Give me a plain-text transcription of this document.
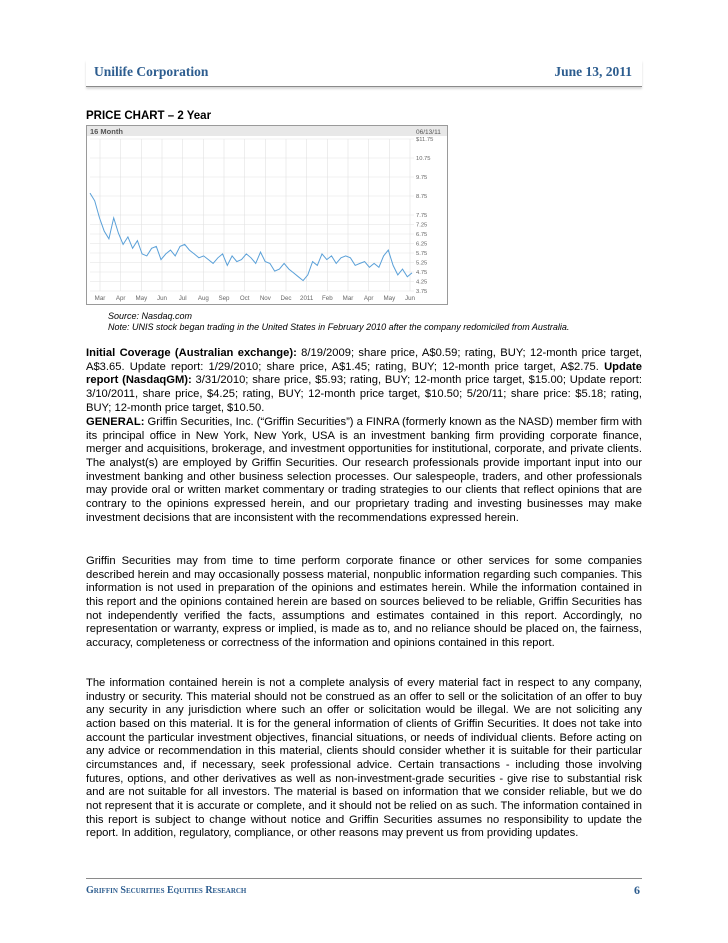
Unilife Corporation	June 13, 2011
PRICE CHART – 2 Year
16 Month	06/13/11
$11.75
10.75
9.75
8.75
7.75
7.25
6.75
6.25
5.75
5.25
4.75
4.25
3.75
Mar Apr May Jun Jul Aug Sep Oct Nov Dec 2011 Feb Mar Apr May Jun
Source: Nasdaq.com
Note: UNIS stock began trading in the United States in February 2010 after the company redomiciled from Australia.

Initial Coverage (Australian exchange): 8/19/2009; share price, A$0.59; rating, BUY; 12-month price target, A$3.65. Update report: 1/29/2010; share price, A$1.45; rating, BUY; 12-month price target, A$2.75. Update report (NasdaqGM): 3/31/2010; share price, $5.93; rating, BUY; 12-month price target, $15.00; Update report: 3/10/2011, share price, $4.25; rating, BUY; 12-month price target, $10.50; 5/20/11; share price: $5.18; rating, BUY; 12-month price target, $10.50.

GENERAL: Griffin Securities, Inc. (“Griffin Securities”) a FINRA (formerly known as the NASD) member firm with its principal office in New York, New York, USA is an investment banking firm providing corporate finance, merger and acquisitions, brokerage, and investment opportunities for institutional, corporate, and private clients. The analyst(s) are employed by Griffin Securities. Our research professionals provide important input into our investment banking and other business selection processes. Our salespeople, traders, and other professionals may provide oral or written market commentary or trading strategies to our clients that reflect opinions that are contrary to the opinions expressed herein, and our proprietary trading and investing businesses may make investment decisions that are inconsistent with the recommendations expressed herein.

Griffin Securities may from time to time perform corporate finance or other services for some companies described herein and may occasionally possess material, nonpublic information regarding such companies. This information is not used in preparation of the opinions and estimates herein. While the information contained in this report and the opinions contained herein are based on sources believed to be reliable, Griffin Securities has not independently verified the facts, assumptions and estimates contained in this report. Accordingly, no representation or warranty, express or implied, is made as to, and no reliance should be placed on, the fairness, accuracy, completeness or correctness of the information and opinions contained in this report.

The information contained herein is not a complete analysis of every material fact in respect to any company, industry or security. This material should not be construed as an offer to sell or the solicitation of an offer to buy any security in any jurisdiction where such an offer or solicitation would be illegal. We are not soliciting any action based on this material. It is for the general information of clients of Griffin Securities. It does not take into account the particular investment objectives, financial situations, or needs of individual clients. Before acting on any advice or recommendation in this material, clients should consider whether it is suitable for their particular circumstances and, if necessary, seek professional advice. Certain transactions - including those involving futures, options, and other derivatives as well as non-investment-grade securities - give rise to substantial risk and are not suitable for all investors. The material is based on information that we consider reliable, but we do not represent that it is accurate or complete, and it should not be relied on as such. The information contained in this report is subject to change without notice and Griffin Securities assumes no responsibility to update the report. In addition, regulatory, compliance, or other reasons may prevent us from providing updates.

Griffin Securities Equities Research	6
